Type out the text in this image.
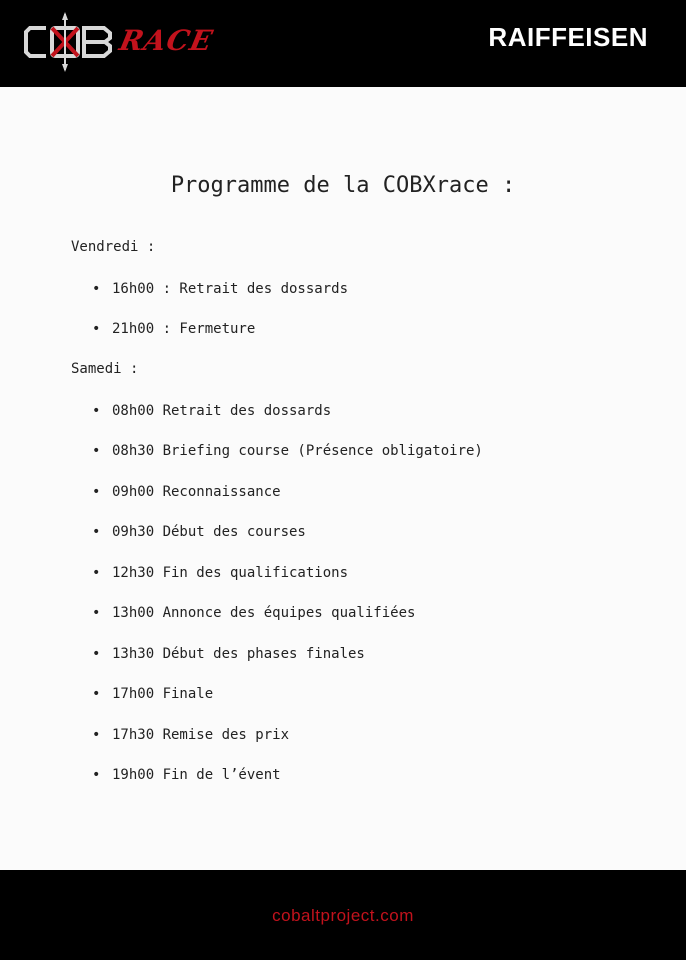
RACE	RAIFFEISEN
Programme de la COBXrace :
Vendredi :
• 16h00 : Retrait des dossards
• 21h00 : Fermeture
Samedi :
• 08h00 Retrait des dossards
• 08h30 Briefing course (Présence obligatoire)
• 09h00 Reconnaissance
• 09h30 Début des courses
• 12h30 Fin des qualifications
• 13h00 Annonce des équipes qualifiées
• 13h30 Début des phases finales
• 17h00 Finale
• 17h30 Remise des prix
• 19h00 Fin de l’évent
cobaltproject.com
